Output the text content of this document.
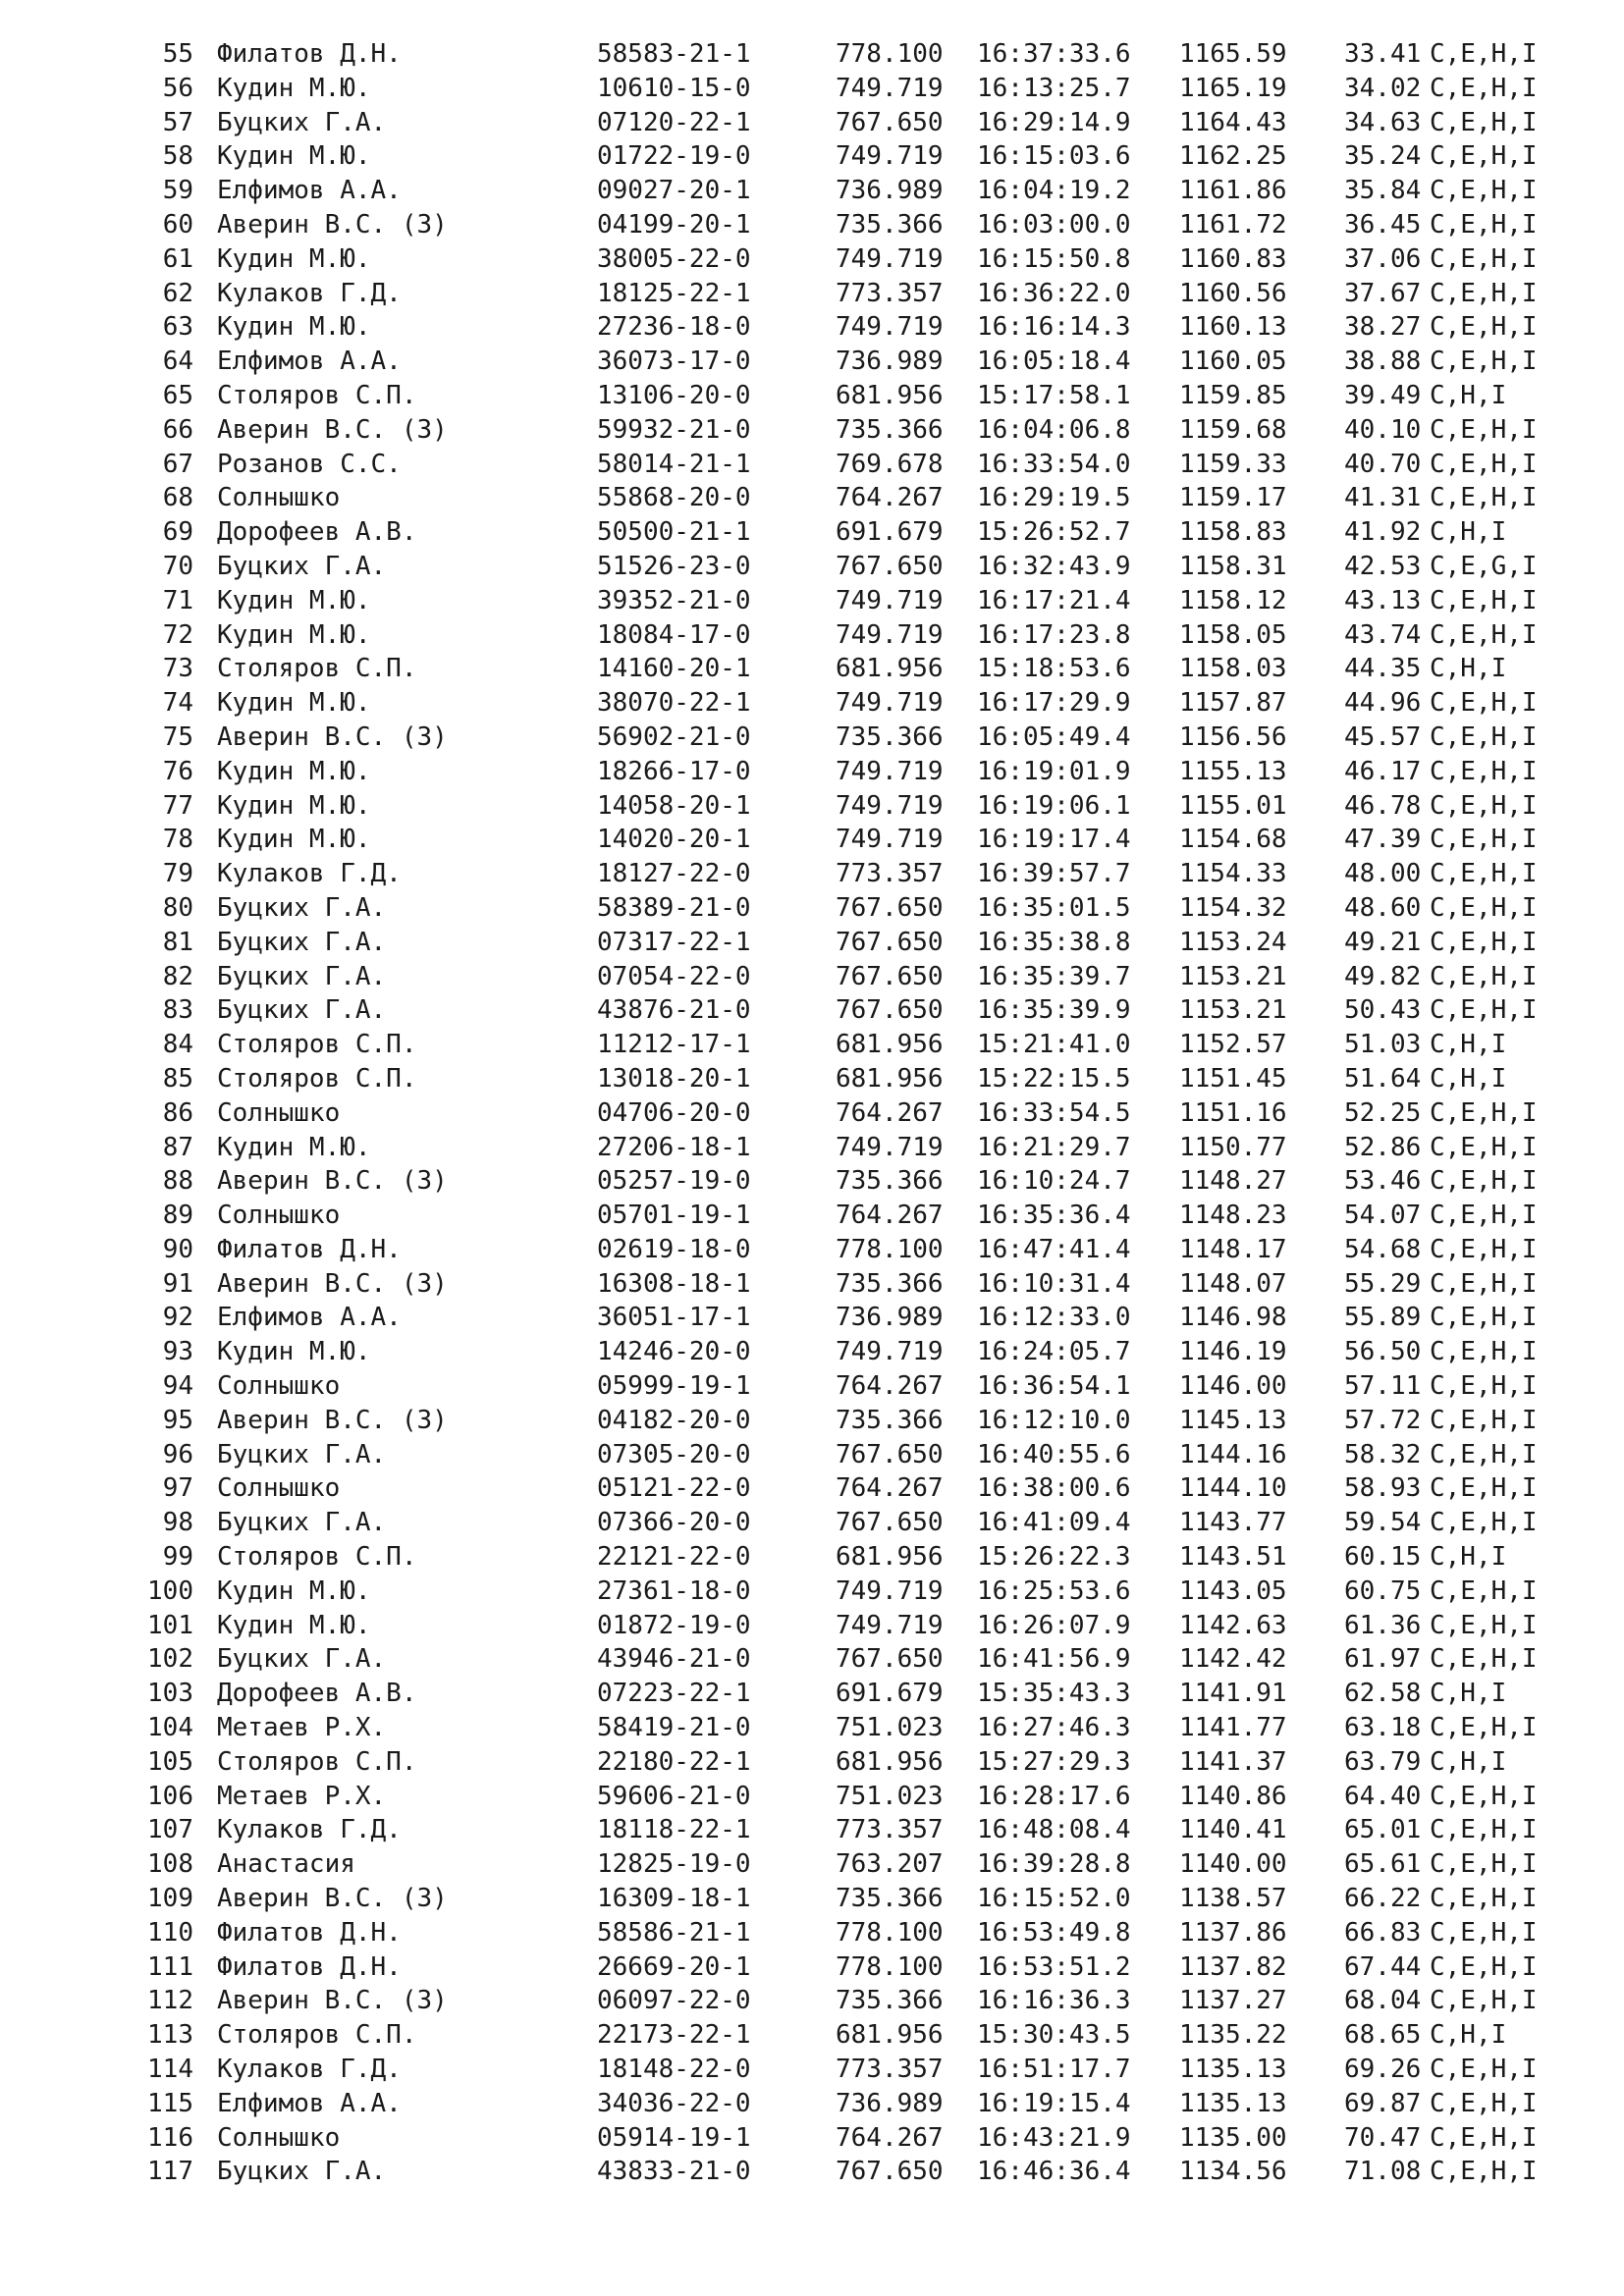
55 Филатов Д.Н.	58583-21-1	778.100 16:37:33.6 1165.59 33.41 C,E,H,I
56 Кудин М.Ю.	10610-15-0	749.719 16:13:25.7 1165.19 34.02 C,E,H,I
57 Буцких Г.А.	07120-22-1	767.650 16:29:14.9 1164.43 34.63 C,E,H,I
58 Кудин М.Ю.	01722-19-0	749.719 16:15:03.6 1162.25 35.24 C,E,H,I
59 Елфимов А.А.	09027-20-1	736.989 16:04:19.2 1161.86 35.84 C,E,H,I
60 Аверин В.С. (З)	04199-20-1	735.366 16:03:00.0 1161.72 36.45 C,E,H,I
61 Кудин М.Ю.	38005-22-0	749.719 16:15:50.8 1160.83 37.06 C,E,H,I
62 Кулаков Г.Д.	18125-22-1	773.357 16:36:22.0 1160.56 37.67 C,E,H,I
63 Кудин М.Ю.	27236-18-0	749.719 16:16:14.3 1160.13 38.27 C,E,H,I
64 Елфимов А.А.	36073-17-0	736.989 16:05:18.4 1160.05 38.88 C,E,H,I
65 Столяров С.П.	13106-20-0	681.956 15:17:58.1 1159.85 39.49 C,H,I
66 Аверин В.С. (З)	59932-21-0	735.366 16:04:06.8 1159.68 40.10 C,E,H,I
67 Розанов С.С.	58014-21-1	769.678 16:33:54.0 1159.33 40.70 C,E,H,I
68 Солнышко	55868-20-0	764.267 16:29:19.5 1159.17 41.31 C,E,H,I
69 Дорофеев А.В.	50500-21-1	691.679 15:26:52.7 1158.83 41.92 C,H,I
70 Буцких Г.А.	51526-23-0	767.650 16:32:43.9 1158.31 42.53 C,E,G,I
71 Кудин М.Ю.	39352-21-0	749.719 16:17:21.4 1158.12 43.13 C,E,H,I
72 Кудин М.Ю.	18084-17-0	749.719 16:17:23.8 1158.05 43.74 C,E,H,I
73 Столяров С.П.	14160-20-1	681.956 15:18:53.6 1158.03 44.35 C,H,I
74 Кудин М.Ю.	38070-22-1	749.719 16:17:29.9 1157.87 44.96 C,E,H,I
75 Аверин В.С. (З)	56902-21-0	735.366 16:05:49.4 1156.56 45.57 C,E,H,I
76 Кудин М.Ю.	18266-17-0	749.719 16:19:01.9 1155.13 46.17 C,E,H,I
77 Кудин М.Ю.	14058-20-1	749.719 16:19:06.1 1155.01 46.78 C,E,H,I
78 Кудин М.Ю.	14020-20-1	749.719 16:19:17.4 1154.68 47.39 C,E,H,I
79 Кулаков Г.Д.	18127-22-0	773.357 16:39:57.7 1154.33 48.00 C,E,H,I
80 Буцких Г.А.	58389-21-0	767.650 16:35:01.5 1154.32 48.60 C,E,H,I
81 Буцких Г.А.	07317-22-1	767.650 16:35:38.8 1153.24 49.21 C,E,H,I
82 Буцких Г.А.	07054-22-0	767.650 16:35:39.7 1153.21 49.82 C,E,H,I
83 Буцких Г.А.	43876-21-0	767.650 16:35:39.9 1153.21 50.43 C,E,H,I
84 Столяров С.П.	11212-17-1	681.956 15:21:41.0 1152.57 51.03 C,H,I
85 Столяров С.П.	13018-20-1	681.956 15:22:15.5 1151.45 51.64 C,H,I
86 Солнышко	04706-20-0	764.267 16:33:54.5 1151.16 52.25 C,E,H,I
87 Кудин М.Ю.	27206-18-1	749.719 16:21:29.7 1150.77 52.86 C,E,H,I
88 Аверин В.С. (З)	05257-19-0	735.366 16:10:24.7 1148.27 53.46 C,E,H,I
89 Солнышко	05701-19-1	764.267 16:35:36.4 1148.23 54.07 C,E,H,I
90 Филатов Д.Н.	02619-18-0	778.100 16:47:41.4 1148.17 54.68 C,E,H,I
91 Аверин В.С. (З)	16308-18-1	735.366 16:10:31.4 1148.07 55.29 C,E,H,I
92 Елфимов А.А.	36051-17-1	736.989 16:12:33.0 1146.98 55.89 C,E,H,I
93 Кудин М.Ю.	14246-20-0	749.719 16:24:05.7 1146.19 56.50 C,E,H,I
94 Солнышко	05999-19-1	764.267 16:36:54.1 1146.00 57.11 C,E,H,I
95 Аверин В.С. (З)	04182-20-0	735.366 16:12:10.0 1145.13 57.72 C,E,H,I
96 Буцких Г.А.	07305-20-0	767.650 16:40:55.6 1144.16 58.32 C,E,H,I
97 Солнышко	05121-22-0	764.267 16:38:00.6 1144.10 58.93 C,E,H,I
98 Буцких Г.А.	07366-20-0	767.650 16:41:09.4 1143.77 59.54 C,E,H,I
99 Столяров С.П.	22121-22-0	681.956 15:26:22.3 1143.51 60.15 C,H,I
100 Кудин М.Ю.	27361-18-0	749.719 16:25:53.6 1143.05 60.75 C,E,H,I
101 Кудин М.Ю.	01872-19-0	749.719 16:26:07.9 1142.63 61.36 C,E,H,I
102 Буцких Г.А.	43946-21-0	767.650 16:41:56.9 1142.42 61.97 C,E,H,I
103 Дорофеев А.В.	07223-22-1	691.679 15:35:43.3 1141.91 62.58 C,H,I
104 Метаев Р.Х.	58419-21-0	751.023 16:27:46.3 1141.77 63.18 C,E,H,I
105 Столяров С.П.	22180-22-1	681.956 15:27:29.3 1141.37 63.79 C,H,I
106 Метаев Р.Х.	59606-21-0	751.023 16:28:17.6 1140.86 64.40 C,E,H,I
107 Кулаков Г.Д.	18118-22-1	773.357 16:48:08.4 1140.41 65.01 C,E,H,I
108 Анастасия	12825-19-0	763.207 16:39:28.8 1140.00 65.61 C,E,H,I
109 Аверин В.С. (З)	16309-18-1	735.366 16:15:52.0 1138.57 66.22 C,E,H,I
110 Филатов Д.Н.	58586-21-1	778.100 16:53:49.8 1137.86 66.83 C,E,H,I
111 Филатов Д.Н.	26669-20-1	778.100 16:53:51.2 1137.82 67.44 C,E,H,I
112 Аверин В.С. (З)	06097-22-0	735.366 16:16:36.3 1137.27 68.04 C,E,H,I
113 Столяров С.П.	22173-22-1	681.956 15:30:43.5 1135.22 68.65 C,H,I
114 Кулаков Г.Д.	18148-22-0	773.357 16:51:17.7 1135.13 69.26 C,E,H,I
115 Елфимов А.А.	34036-22-0	736.989 16:19:15.4 1135.13 69.87 C,E,H,I
116 Солнышко	05914-19-1	764.267 16:43:21.9 1135.00 70.47 C,E,H,I
117 Буцких Г.А.	43833-21-0	767.650 16:46:36.4 1134.56 71.08 C,E,H,I
